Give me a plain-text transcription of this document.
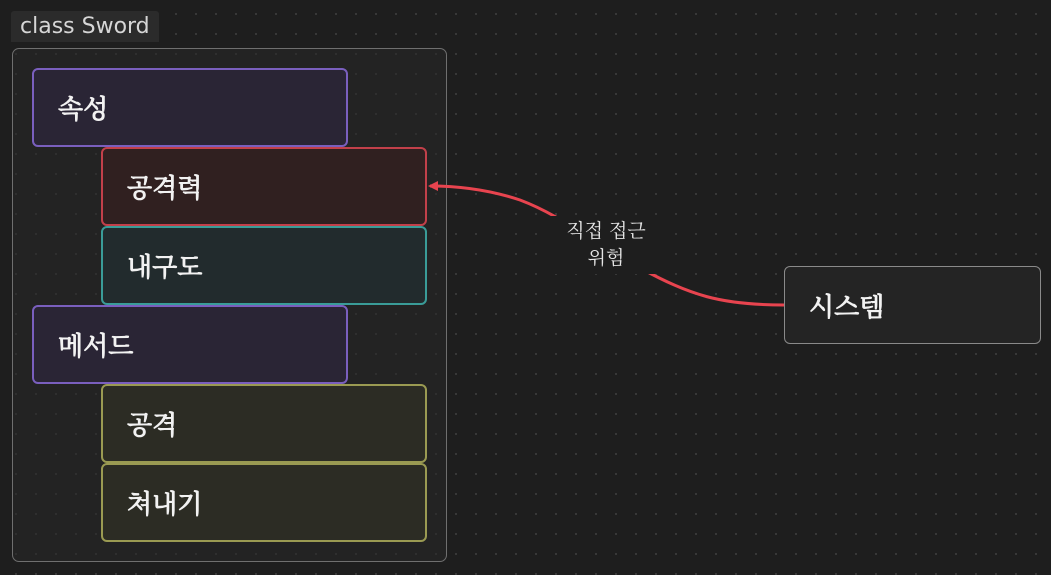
class Sword
속성
공격력
내구도
메서드
공격
쳐내기
시스템
직접 접근
위험
